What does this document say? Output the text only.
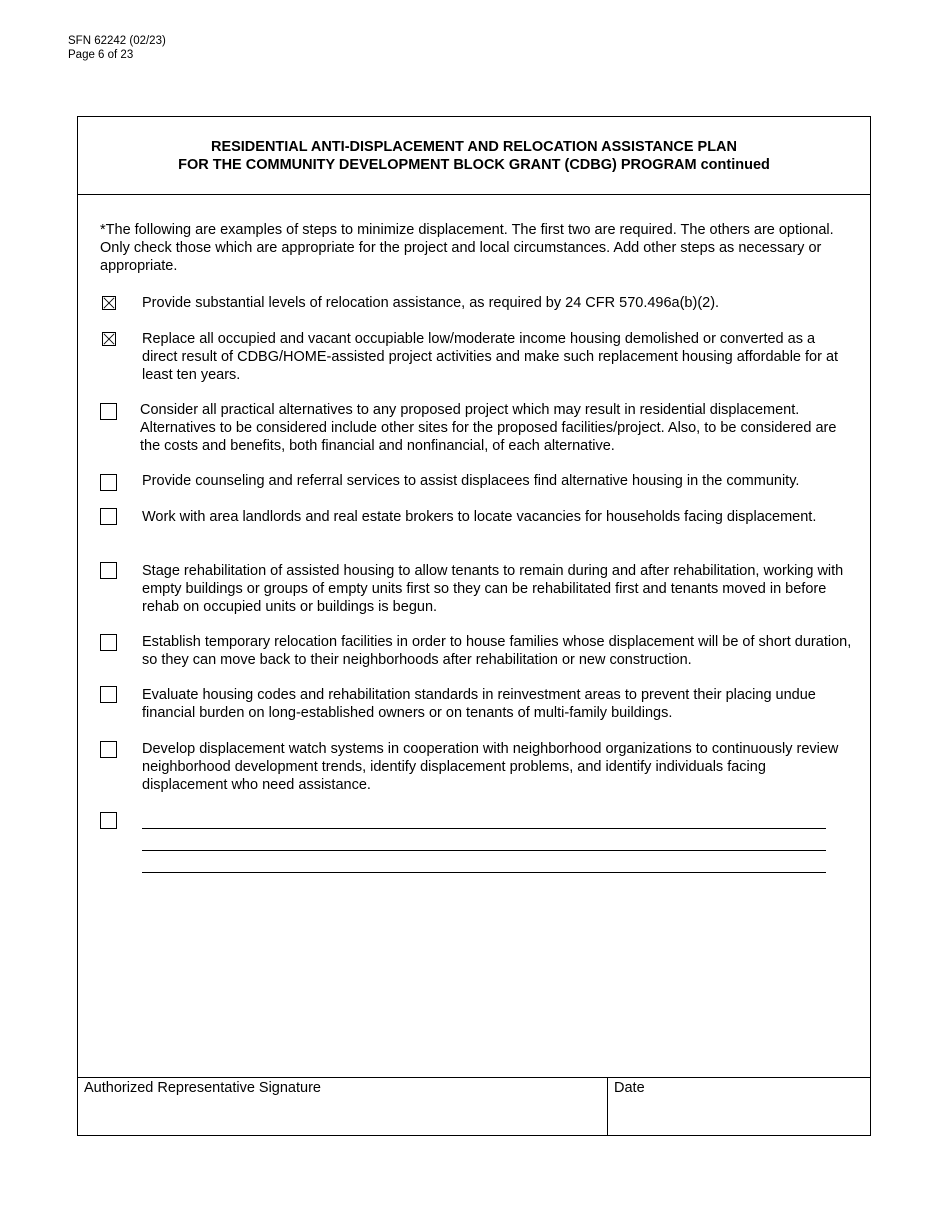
SFN 62242 (02/23)
Page 6 of 23
RESIDENTIAL ANTI-DISPLACEMENT AND RELOCATION ASSISTANCE PLAN
FOR THE COMMUNITY DEVELOPMENT BLOCK GRANT (CDBG) PROGRAM continued
*The following are examples of steps to minimize displacement. The first two are required. The others are optional. Only check those which are appropriate for the project and local circumstances. Add other steps as necessary or appropriate.
Provide substantial levels of relocation assistance, as required by 24 CFR 570.496a(b)(2).
Replace all occupied and vacant occupiable low/moderate income housing demolished or converted as a direct result of CDBG/HOME-assisted project activities and make such replacement housing affordable for at least ten years.
Consider all practical alternatives to any proposed project which may result in residential displacement. Alternatives to be considered include other sites for the proposed facilities/project. Also, to be considered are the costs and benefits, both financial and nonfinancial, of each alternative.
Provide counseling and referral services to assist displacees find alternative housing in the community.
Work with area landlords and real estate brokers to locate vacancies for households facing displacement.
Stage rehabilitation of assisted housing to allow tenants to remain during and after rehabilitation, working with empty buildings or groups of empty units first so they can be rehabilitated first and tenants moved in before rehab on occupied units or buildings is begun.
Establish temporary relocation facilities in order to house families whose displacement will be of short duration, so they can move back to their neighborhoods after rehabilitation or new construction.
Evaluate housing codes and rehabilitation standards in reinvestment areas to prevent their placing undue financial burden on long-established owners or on tenants of multi-family buildings.
Develop displacement watch systems in cooperation with neighborhood organizations to continuously review neighborhood development trends, identify displacement problems, and identify individuals facing displacement who need assistance.
Authorized Representative Signature	Date
